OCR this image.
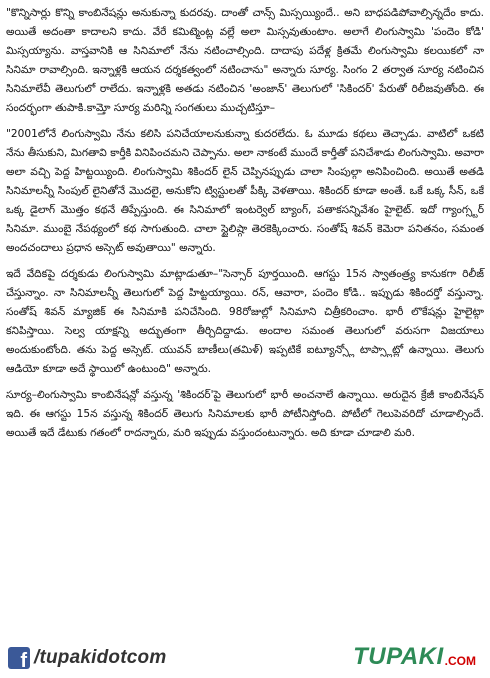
"కొన్నిసార్లు కొన్ని కాంబినేషన్లు అనుకున్నా కుదరవు. దాంతో చాన్స్ మిస్సయ్యిందే.. అని బాధపడిపోవాల్సిన్నదేం కాదు. అయితే అదంతా కాదాలని కాదు. వేరే కమిట్మెంట్ల వల్లే అలా మిస్సవుతుంటాం. అలాగే లింగుస్వామి 'పందెం కోడి' మిస్సయ్యాను. వాస్తవానికి ఆ సినిమాలో నేను నటించాల్సింది. దాదాపు పదేళ్ల క్రితమే లింగుస్వామి కలయికలో నా సినిమా రావాల్సింది. ఇన్నాళ్లకి ఆయన దర్శకత్వంలో నటించాను" అన్నారు సూర్య. సింగం 2 తర్వాత సూర్య నటించిన సినిమాలేవీ తెలుగులో రాలేదు. ఇన్నాళ్లకి అతడు నటించిన 'అంజాన్' తెలుగులో 'సికిందర్' పేరుతో రిలీజవుతోంది. ఈ సందర్భంగా తుపాకి.కామ్తో సూర్య మరిన్ని సంగతులు ముచ్చటిస్తూ–

"2001లోనే లింగుస్వామి నేను కలిసి పనిచేయాలనుకున్నా కుదరలేదు. ఓ మూడు కథలు తెచ్చాడు. వాటిలో ఒకటి నేను తీసుకుని, మిగతావి కార్తీకి వినిపించమని చెప్పాను. అలా నాకంటే ముందే కార్తీతో పనిచేశాడు లింగుస్వామి. అవారా అలా వచ్చి పెద్ద హిట్టయ్యింది. లింగుస్వామి శికిందర్ లైన్ చెప్పినప్పుడు చాలా సింపుల్గా అనిపించింది. అయితే అతడి సినిమాలన్నీ సింపుల్ లైనితోనే మొదలై, అనుకోని ట్విస్టులతో పీక్కి వెళతాయి. శికిందర్ కూడా అంతే. ఒకే ఒక్క సీన్, ఒకే ఒక్క డైలాగ్ మొత్తం కథనే తిప్పేస్తుంది. ఈ సినిమాలో ఇంటర్వెల్ బ్యాంగ్, పతాకసన్నివేశం హైలైట్. ఇదో గ్యాంగ్స్టర్ సినిమా. ముంబై నేపథ్యంలో కథ సాగుతుంది. చాలా స్టైలిష్గా తెరకెక్కించారు. సంతోష్ శివన్ కెమెరా పనితనం, సమంత అందచందాలు ప్రధాన అస్సెట్ అవుతాయి" అన్నారు.

ఇదే వేదికపై దర్శకుడు లింగుస్వామి మాట్లాడుతూ–"సెన్సార్ పూర్తయింది. ఆగస్టు 15న స్వాతంత్ర్య కానుకగా రిలీజ్ చేస్తున్నాం. నా సినిమాలన్నీ తెలుగులో పెద్ద హిట్టయ్యాయి. రన్, ఆవారా, పందెం కోడి.. ఇప్పుడు శికిందర్తో వస్తున్నా. సంతోష్ శివన్ మ్యాజిక్ ఈ సినిమాకి పనిచేసింది. 98రోజుల్లో సినిమాని చిత్రీకరించాం. భారీ లొకేషన్లు హైలైట్గా కనిపిస్తాయి. సెల్వ యాక్షన్ని అద్భుతంగా తీర్చిదిద్దాడు. అందాల సమంత తెలుగులో వరుసగా విజయాలు అందుకుంటోంది. తను పెద్ద అస్సెట్. యువన్ బాణీలు(తమిళ్) ఇప్పటికే ఐట్యూన్స్లో టాప్స్లాట్లో ఉన్నాయి. తెలుగు ఆడియో కూడా అదే స్థాయిలో ఉంటుంది" అన్నారు.

సూర్య–లింగుస్వామి కాంబినేషన్లో వస్తున్న 'శికిందర్'పై తెలుగులో భారీ అంచనాలే ఉన్నాయి. అరుదైన క్రేజీ కాంబినేషన్ ఇది. ఈ ఆగస్టు 15న వస్తున్న శికిందర్ తెలుగు సినిమాలకు భారీ పోటీనిస్తోంది. పోటీలో గెలుపెవరిదో చూడాల్సిందే. అయితే ఇదే డేటుకు గతంలో రాదన్నారు, మరి ఇప్పుడు వస్తుందంటున్నారు. అది కూడా చూడాలి మరి.

f /tupakidotcom	TUPAKI .COM
